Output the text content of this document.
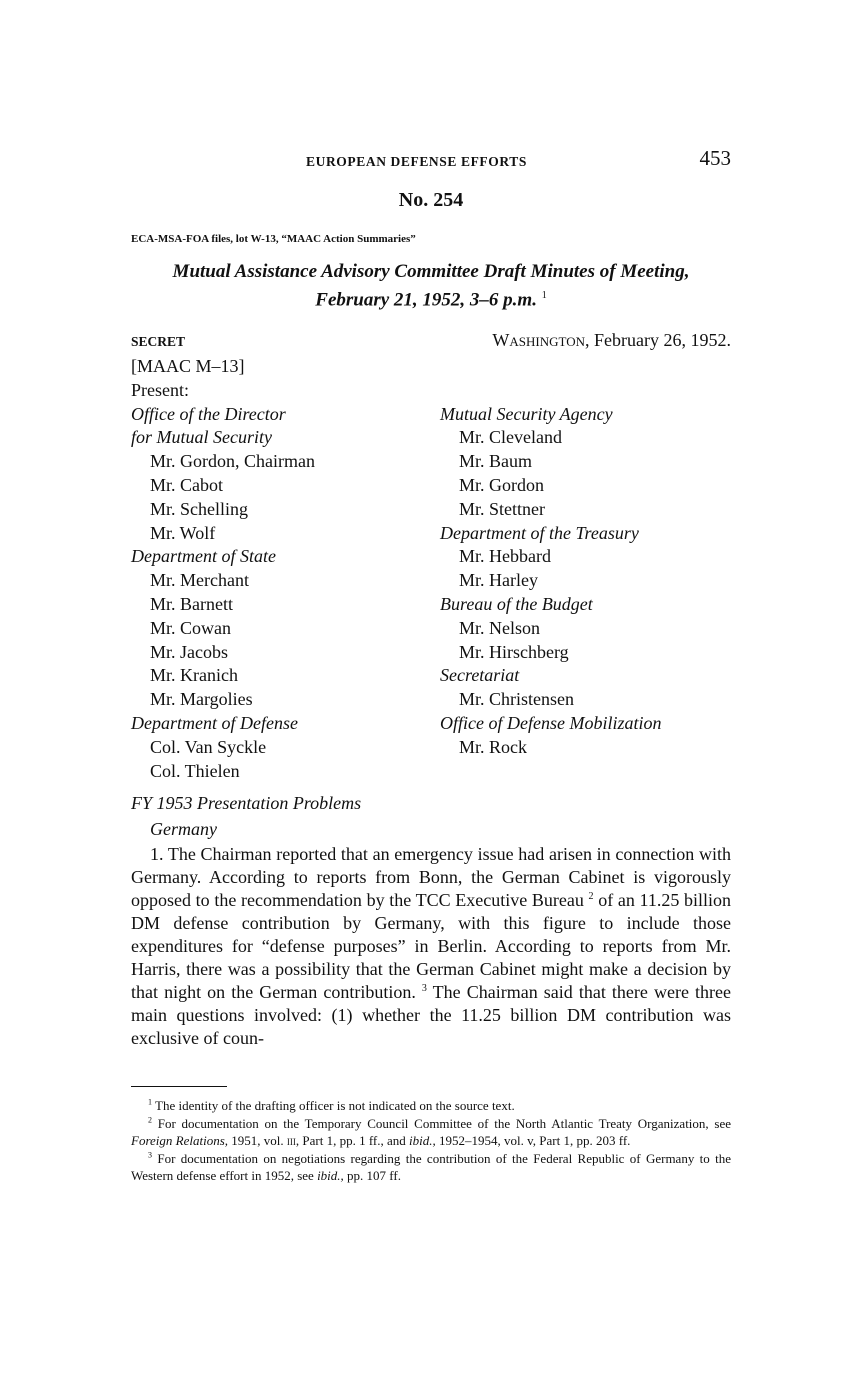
EUROPEAN DEFENSE EFFORTS	453
No. 254
ECA-MSA-FOA files, lot W-13, “MAAC Action Summaries”
Mutual Assistance Advisory Committee Draft Minutes of Meeting,
February 21, 1952, 3–6 p.m. $^1$
SECRET	Washington, February 26, 1952.
[MAAC M–13]
Present:
Office of the Director
for Mutual Security
Mr. Gordon, Chairman
Mr. Cabot
Mr. Schelling
Mr. Wolf
Department of State
Mr. Merchant
Mr. Barnett
Mr. Cowan
Mr. Jacobs
Mr. Kranich
Mr. Margolies
Department of Defense
Col. Van Syckle
Col. Thielen
Mutual Security Agency
Mr. Cleveland
Mr. Baum
Mr. Gordon
Mr. Stettner
Department of the Treasury
Mr. Hebbard
Mr. Harley
Bureau of the Budget
Mr. Nelson
Mr. Hirschberg
Secretariat
Mr. Christensen
Office of Defense Mobilization
Mr. Rock
FY 1953 Presentation Problems
Germany
1. The Chairman reported that an emergency issue had arisen in connection with Germany. According to reports from Bonn, the German Cabinet is vigorously opposed to the recommendation by the TCC Executive Bureau $^2$ of an 11.25 billion DM defense contribution by Germany, with this figure to include those expenditures for “defense purposes” in Berlin. According to reports from Mr. Harris, there was a possibility that the German Cabinet might make a decision by that night on the German contribution. $^3$ The Chairman said that there were three main questions involved: (1) whether the 11.25 billion DM contribution was exclusive of coun-

$^1$ The identity of the drafting officer is not indicated on the source text.

$^2$ For documentation on the Temporary Council Committee of the North Atlantic Treaty Organization, see Foreign Relations, 1951, vol. iii, Part 1, pp. 1 ff., and ibid., 1952–1954, vol. v, Part 1, pp. 203 ff.

$^3$ For documentation on negotiations regarding the contribution of the Federal Republic of Germany to the Western defense effort in 1952, see ibid., pp. 107 ff.
